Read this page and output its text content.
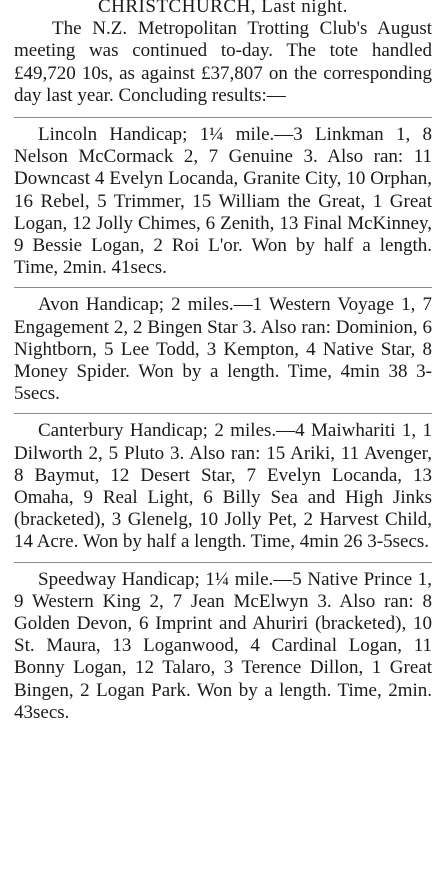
CHRISTCHURCH, Last night.

The N.Z. Metropolitan Trotting Club's August meeting was continued to-day. The tote handled £49,720 10s, as against £37,807 on the corresponding day last year. Concluding results:—

Lincoln Handicap; 1¼ mile.—3 Linkman 1, 8 Nelson McCormack 2, 7 Genuine 3. Also ran: 11 Downcast 4 Evelyn Locanda, Granite City, 10 Orphan, 16 Rebel, 5 Trimmer, 15 William the Great, 1 Great Logan, 12 Jolly Chimes, 6 Zenith, 13 Final McKinney, 9 Bessie Logan, 2 Roi L'or. Won by half a length. Time, 2min. 41secs.

Avon Handicap; 2 miles.—1 Western Voyage 1, 7 Engagement 2, 2 Bingen Star 3. Also ran: Dominion, 6 Nightborn, 5 Lee Todd, 3 Kempton, 4 Native Star, 8 Money Spider. Won by a length. Time, 4min 38 3-5secs.

Canterbury Handicap; 2 miles.—4 Maiwhariti 1, 1 Dilworth 2, 5 Pluto 3. Also ran: 15 Ariki, 11 Avenger, 8 Baymut, 12 Desert Star, 7 Evelyn Locanda, 13 Omaha, 9 Real Light, 6 Billy Sea and High Jinks (bracketed), 3 Glenelg, 10 Jolly Pet, 2 Harvest Child, 14 Acre. Won by half a length. Time, 4min 26 3-5secs.

Speedway Handicap; 1¼ mile.—5 Native Prince 1, 9 Western King 2, 7 Jean McElwyn 3. Also ran: 8 Golden Devon, 6 Imprint and Ahuriri (bracketed), 10 St. Maura, 13 Loganwood, 4 Cardinal Logan, 11 Bonny Logan, 12 Talaro, 3 Terence Dillon, 1 Great Bingen, 2 Logan Park. Won by a length. Time, 2min. 43secs.
